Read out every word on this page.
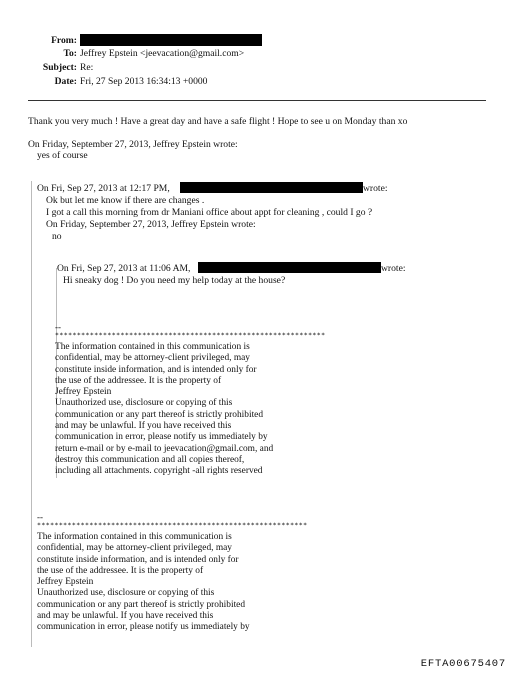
From:
To: Jeffrey Epstein <jeevacation@gmail.com>
Subject: Re:
Date: Fri, 27 Sep 2013 16:34:13 +0000
Thank you very much ! Have a great day and have a safe flight ! Hope to see u on Monday than xo
On Friday, September 27, 2013, Jeffrey Epstein wrote:
yes of course
On Fri, Sep 27, 2013 at 12:17 PM,	wrote:
Ok but let me know if there are changes .
I got a call this morning from dr Maniani office about appt for cleaning , could I go ?
On Friday, September 27, 2013, Jeffrey Epstein wrote:
no
On Fri, Sep 27, 2013 at 11:06 AM,	wrote:
Hi sneaky dog ! Do you need my help today at the house?
--
**************************************************************
The information contained in this communication is
confidential, may be attorney-client privileged, may
constitute inside information, and is intended only for
the use of the addressee. It is the property of
Jeffrey Epstein
Unauthorized use, disclosure or copying of this
communication or any part thereof is strictly prohibited
and may be unlawful. If you have received this
communication in error, please notify us immediately by
return e-mail or by e-mail to jeevacation@gmail.com, and
destroy this communication and all copies thereof,
including all attachments. copyright -all rights reserved
--
**************************************************************
The information contained in this communication is
confidential, may be attorney-client privileged, may
constitute inside information, and is intended only for
the use of the addressee. It is the property of
Jeffrey Epstein
Unauthorized use, disclosure or copying of this
communication or any part thereof is strictly prohibited
and may be unlawful. If you have received this
communication in error, please notify us immediately by
EFTA00675407
